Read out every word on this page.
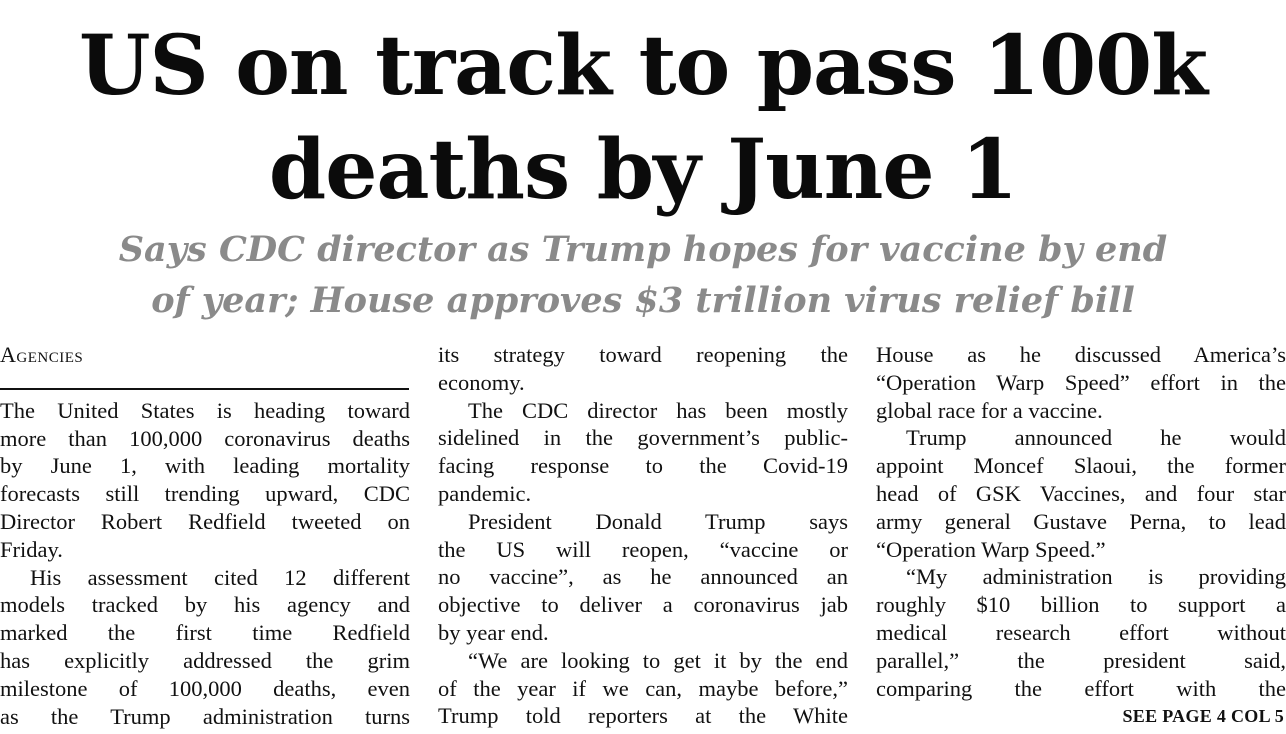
US on track to pass 100k
deaths by June 1
Says CDC director as Trump hopes for vaccine by end
of year; House approves $3 trillion virus relief bill

Agencies

The United States is heading toward
more than 100,000 coronavirus deaths
by June 1, with leading mortality
forecasts still trending upward, CDC
Director Robert Redfield tweeted on
Friday.
His assessment cited 12 different
models tracked by his agency and
marked the first time Redfield
has explicitly addressed the grim
milestone of 100,000 deaths, even
as the Trump administration turns
its strategy toward reopening the
economy.
The CDC director has been mostly
sidelined in the government’s public-
facing response to the Covid-19
pandemic.
President Donald Trump says
the US will reopen, “vaccine or
no vaccine”, as he announced an
objective to deliver a coronavirus jab
by year end.
“We are looking to get it by the end
of the year if we can, maybe before,”
Trump told reporters at the White
House as he discussed America’s
“Operation Warp Speed” effort in the
global race for a vaccine.
Trump announced he would
appoint Moncef Slaoui, the former
head of GSK Vaccines, and four star
army general Gustave Perna, to lead
“Operation Warp Speed.”
“My administration is providing
roughly $10 billion to support a
medical research effort without
parallel,” the president said,
comparing the effort with the
SEE PAGE 4 COL 5
